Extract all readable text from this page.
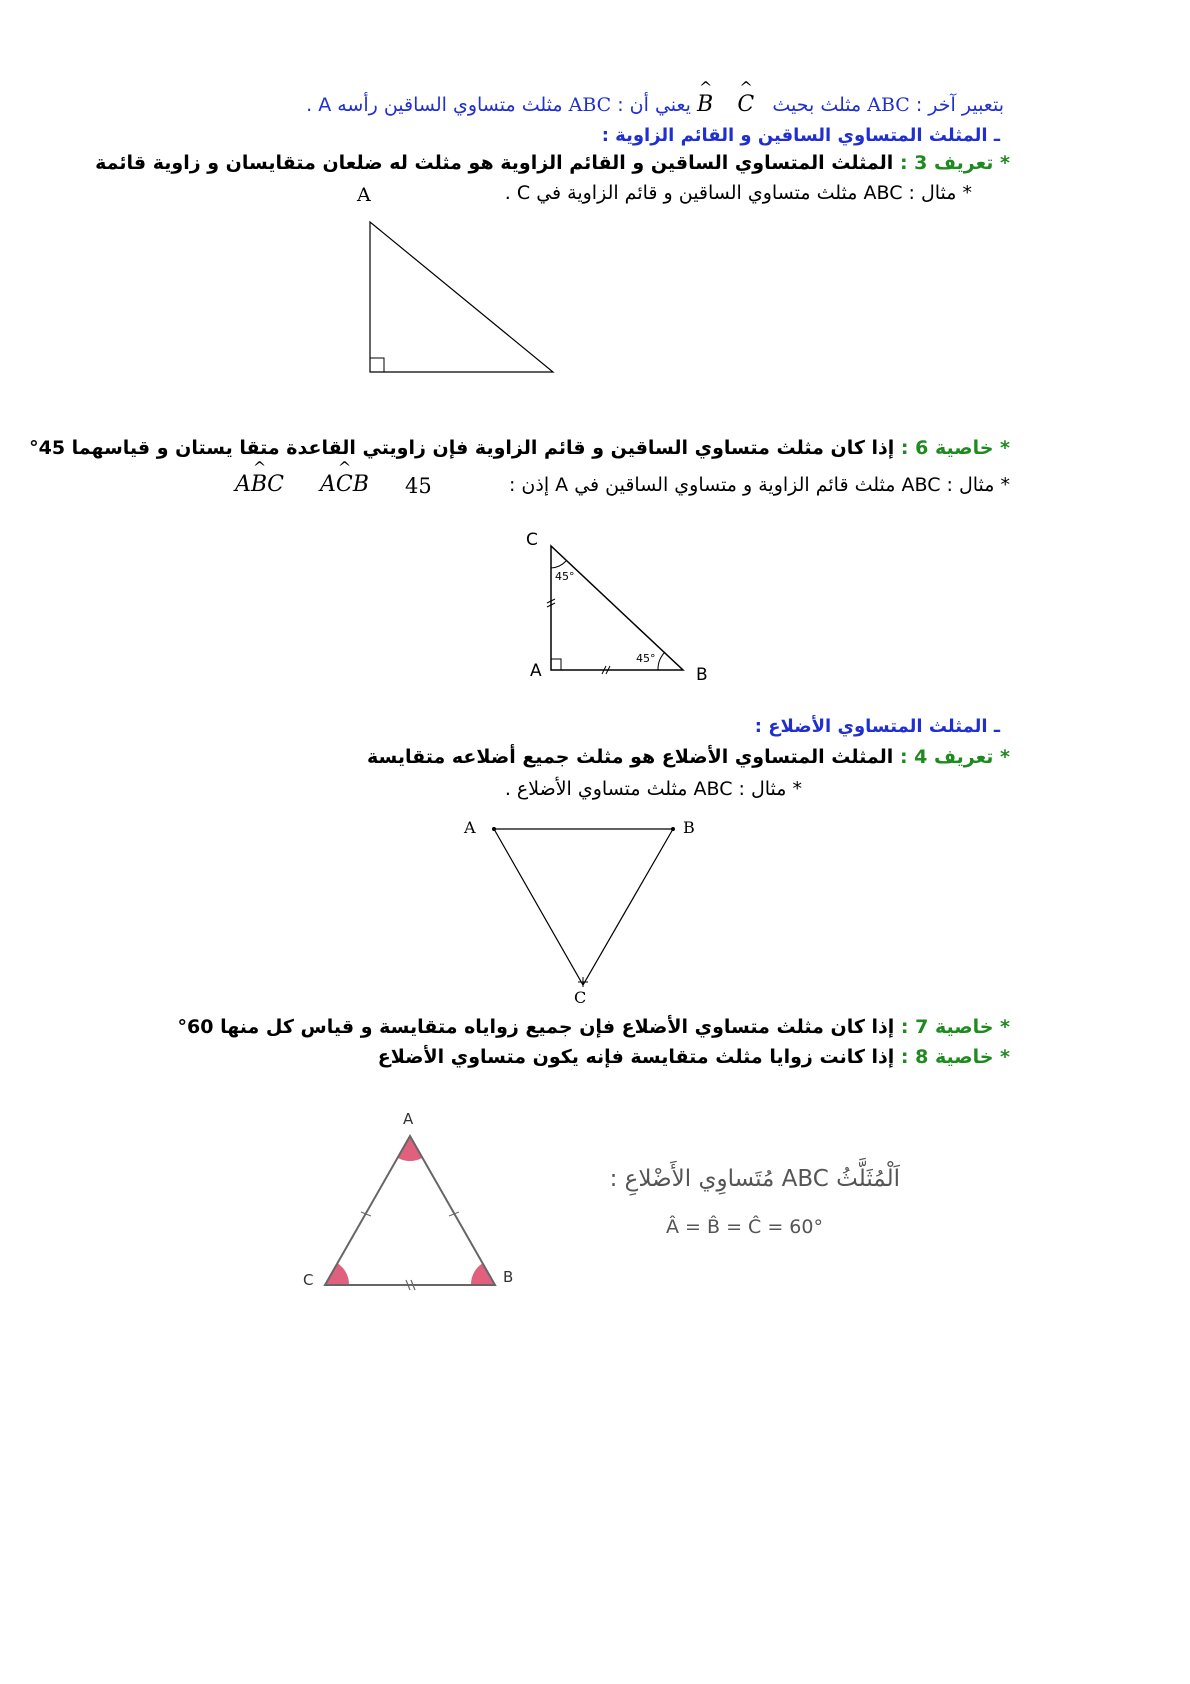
بتعبير آخر : ABC مثلث بحيث   ^ C    ^ B يعني أن : ABC مثلث متساوي الساقين رأسه A .
ـ المثلث المتساوي الساقين و القائم الزاوية :
* تعريف 3 : المثلث المتساوي الساقين و القائم الزاوية هو مثلث له ضلعان متقايسان و زاوية قائمة
* مثال : ABC مثلث متساوي الساقين و قائم الزاوية في C .
A
* خاصية 6 : إذا كان مثلث متساوي الساقين و قائم الزاوية فإن زاويتي القاعدة متقا يستان و قياسهما 45°
* مثال : ABC مثلث قائم الزاوية و متساوي الساقين في A إذن :
45
A^ CB
A^ BC
C
A	B
45°
45°
ـ المثلث المتساوي الأضلاع :
* تعريف 4 : المثلث المتساوي الأضلاع هو مثلث جميع أضلاعه متقايسة
* مثال : ABC مثلث متساوي الأضلاع .
A	B
C
* خاصية 7 : إذا كان مثلث متساوي الأضلاع فإن جميع زواياه متقايسة و قياس كل منها 60°
* خاصية 8 : إذا كانت زوايا مثلث متقايسة فإنه يكون متساوي الأضلاع
A
B
C
اَلْمُثَلَّثُ ABC مُتَساوِي الأَضْلاعِ :
Â = B̂ = Ĉ = 60°
